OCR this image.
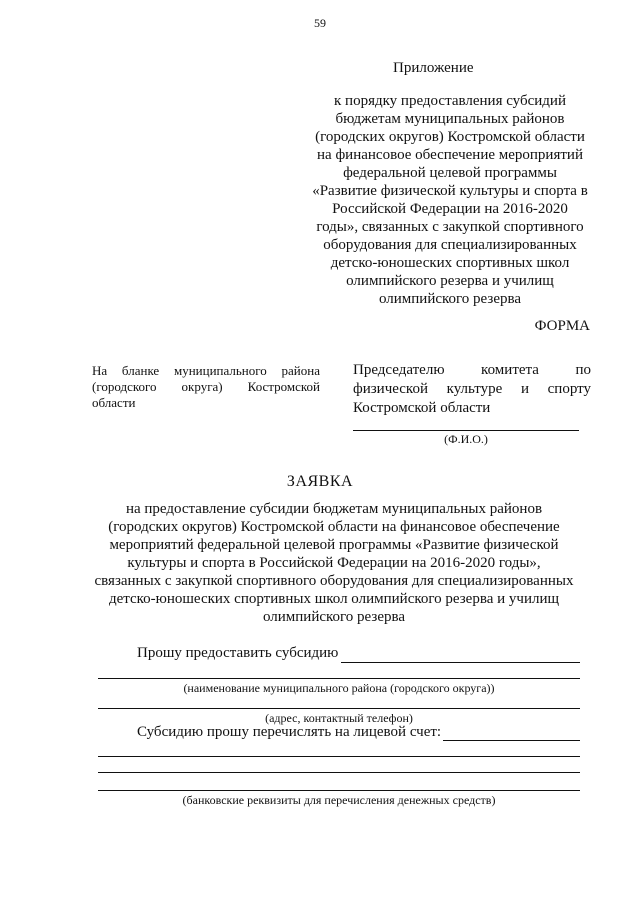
59
Приложение
к порядку предоставления субсидий
бюджетам муниципальных районов
(городских округов) Костромской области
на финансовое обеспечение мероприятий
федеральной целевой программы
«Развитие физической культуры и спорта в
Российской Федерации на 2016-2020
годы», связанных с закупкой спортивного
оборудования для специализированных
детско-юношеских спортивных школ
олимпийского резерва и училищ
олимпийского резерва
ФОРМА
На бланке муниципального района (городского округа) Костромской области
Председателю комитета по физической культуре и спорту Костромской области
(Ф.И.О.)
ЗАЯВКА
на предоставление субсидии бюджетам муниципальных районов
(городских округов) Костромской области на финансовое обеспечение
мероприятий федеральной целевой программы «Развитие физической
культуры и спорта в Российской Федерации на 2016-2020 годы»,
связанных с закупкой спортивного оборудования для специализированных
детско-юношеских спортивных школ олимпийского резерва и училищ
олимпийского резерва
Прошу предоставить субсидию
(наименование муниципального района (городского округа))
(адрес, контактный телефон)
Субсидию прошу перечислять на лицевой счет:
(банковские реквизиты для перечисления денежных средств)
